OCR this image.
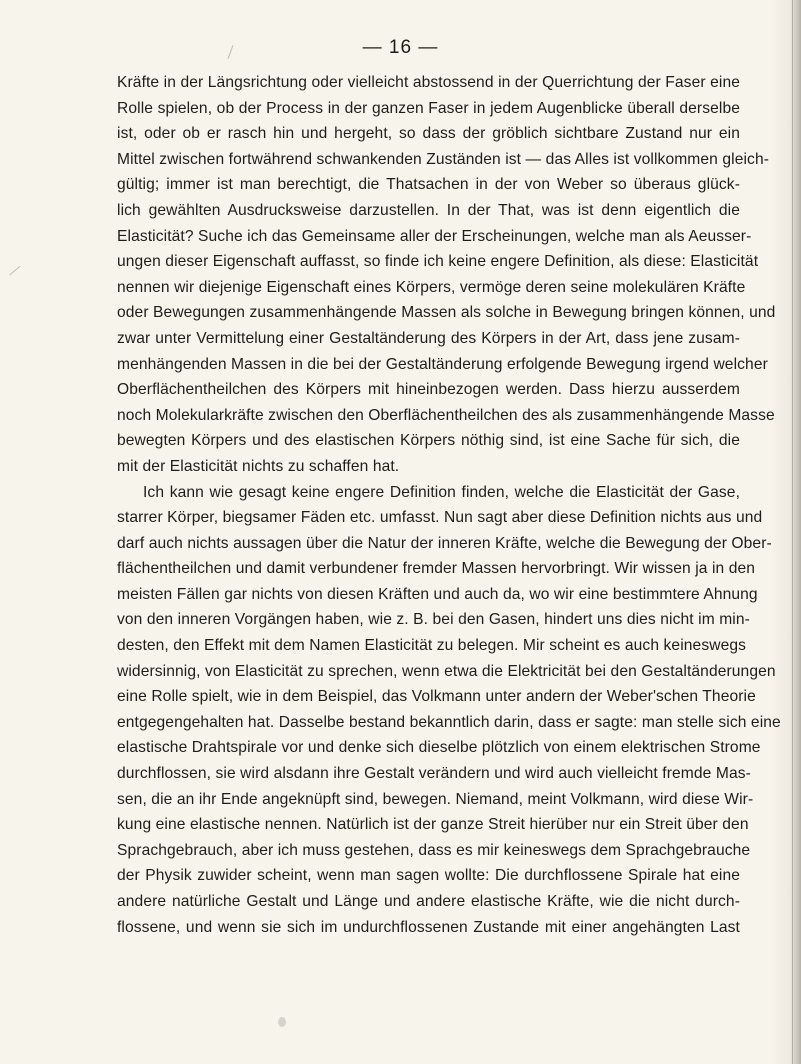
— 16 —
Kräfte in der Längsrichtung oder vielleicht abstossend in der Querrichtung der Faser eine
Rolle spielen, ob der Process in der ganzen Faser in jedem Augenblicke überall derselbe
ist, oder ob er rasch hin und hergeht, so dass der gröblich sichtbare Zustand nur ein
Mittel zwischen fortwährend schwankenden Zuständen ist — das Alles ist vollkommen gleich-
gültig; immer ist man berechtigt, die Thatsachen in der von Weber so überaus glück-
lich gewählten Ausdrucksweise darzustellen. In der That, was ist denn eigentlich die
Elasticität? Suche ich das Gemeinsame aller der Erscheinungen, welche man als Aeusser-
ungen dieser Eigenschaft auffasst, so finde ich keine engere Definition, als diese: Elasticität
nennen wir diejenige Eigenschaft eines Körpers, vermöge deren seine molekulären Kräfte
oder Bewegungen zusammenhängende Massen als solche in Bewegung bringen können, und
zwar unter Vermittelung einer Gestaltänderung des Körpers in der Art, dass jene zusam-
menhängenden Massen in die bei der Gestaltänderung erfolgende Bewegung irgend welcher
Oberflächentheilchen des Körpers mit hineinbezogen werden. Dass hierzu ausserdem
noch Molekularkräfte zwischen den Oberflächentheilchen des als zusammenhängende Masse
bewegten Körpers und des elastischen Körpers nöthig sind, ist eine Sache für sich, die
mit der Elasticität nichts zu schaffen hat.
Ich kann wie gesagt keine engere Definition finden, welche die Elasticität der Gase,
starrer Körper, biegsamer Fäden etc. umfasst. Nun sagt aber diese Definition nichts aus und
darf auch nichts aussagen über die Natur der inneren Kräfte, welche die Bewegung der Ober-
flächentheilchen und damit verbundener fremder Massen hervorbringt. Wir wissen ja in den
meisten Fällen gar nichts von diesen Kräften und auch da, wo wir eine bestimmtere Ahnung
von den inneren Vorgängen haben, wie z. B. bei den Gasen, hindert uns dies nicht im min-
desten, den Effekt mit dem Namen Elasticität zu belegen. Mir scheint es auch keineswegs
widersinnig, von Elasticität zu sprechen, wenn etwa die Elektricität bei den Gestaltänderungen
eine Rolle spielt, wie in dem Beispiel, das Volkmann unter andern der Weber'schen Theorie
entgegengehalten hat. Dasselbe bestand bekanntlich darin, dass er sagte: man stelle sich eine
elastische Drahtspirale vor und denke sich dieselbe plötzlich von einem elektrischen Strome
durchflossen, sie wird alsdann ihre Gestalt verändern und wird auch vielleicht fremde Mas-
sen, die an ihr Ende angeknüpft sind, bewegen. Niemand, meint Volkmann, wird diese Wir-
kung eine elastische nennen. Natürlich ist der ganze Streit hierüber nur ein Streit über den
Sprachgebrauch, aber ich muss gestehen, dass es mir keineswegs dem Sprachgebrauche
der Physik zuwider scheint, wenn man sagen wollte: Die durchflossene Spirale hat eine
andere natürliche Gestalt und Länge und andere elastische Kräfte, wie die nicht durch-
flossene, und wenn sie sich im undurchflossenen Zustande mit einer angehängten Last
